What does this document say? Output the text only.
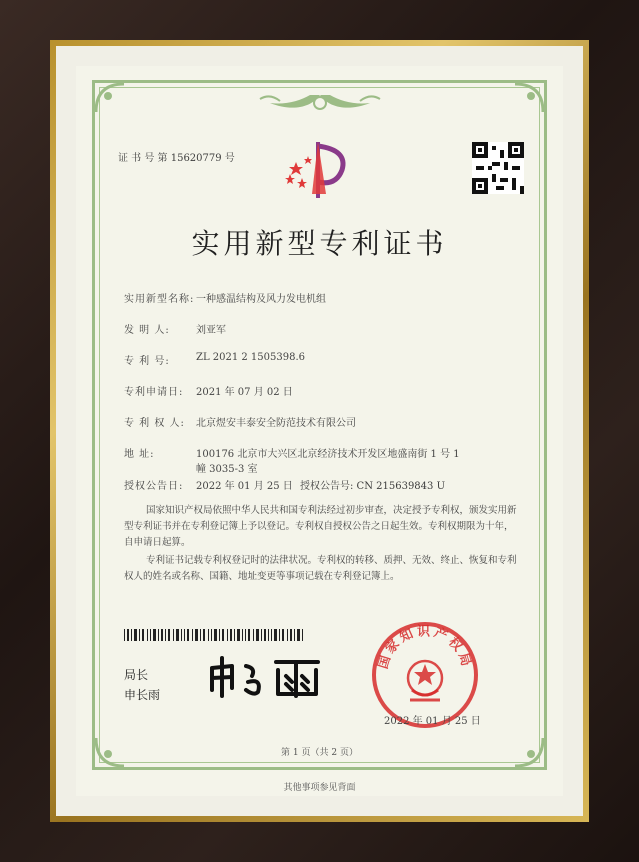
证 书 号 第 15620779 号
实用新型专利证书
实用新型名称: 一种感温结构及风力发电机组
发 明 人:	刘亚军
专 利 号:	ZL 2021 2 1505398.6
专利申请日: 2021 年 07 月 02 日
专 利 权 人: 北京煜安丰泰安全防范技术有限公司
地 址:	100176 北京市大兴区北京经济技术开发区地盛南街 1 号 1
幢 3035-3 室
授权公告日: 2022 年 01 月 25 日 授权公告号: CN 215639843 U
国家知识产权局依照中华人民共和国专利法经过初步审查，决定授予专利权，颁发实用新型专利证书并在专利登记簿上予以登记。专利权自授权公告之日起生效。专利权期限为十年，自申请日起算。
专利证书记载专利权登记时的法律状况。专利权的转移、质押、无效、终止、恢复和专利权人的姓名或名称、国籍、地址变更等事项记载在专利登记簿上。
局长
申长雨
国家知识产权局
2022 年 01 月 25 日
第 1 页（共 2 页）
其他事项参见背面
